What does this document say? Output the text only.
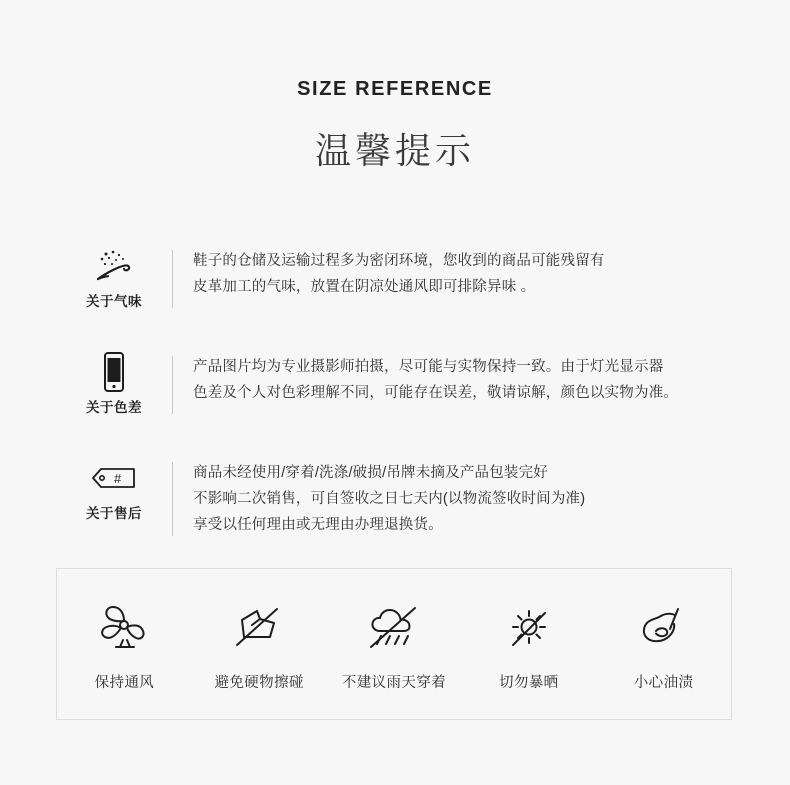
SIZE REFERENCE
温馨提示
关于气味
鞋子的仓储及运输过程多为密闭环境，您收到的商品可能残留有
皮革加工的气味，放置在阴凉处通风即可排除异味 。
关于色差
产品图片均为专业摄影师拍摄，尽可能与实物保持一致。由于灯光显示器
色差及个人对色彩理解不同，可能存在误差，敬请谅解，颜色以实物为准。
#
关于售后
商品未经使用/穿着/洗涤/破损/吊牌未摘及产品包装完好
不影响二次销售，可自签收之日七天内(以物流签收时间为准)
享受以任何理由或无理由办理退换货。
保持通风	避免硬物擦碰	不建议雨天穿着	切勿暴晒	小心油渍
